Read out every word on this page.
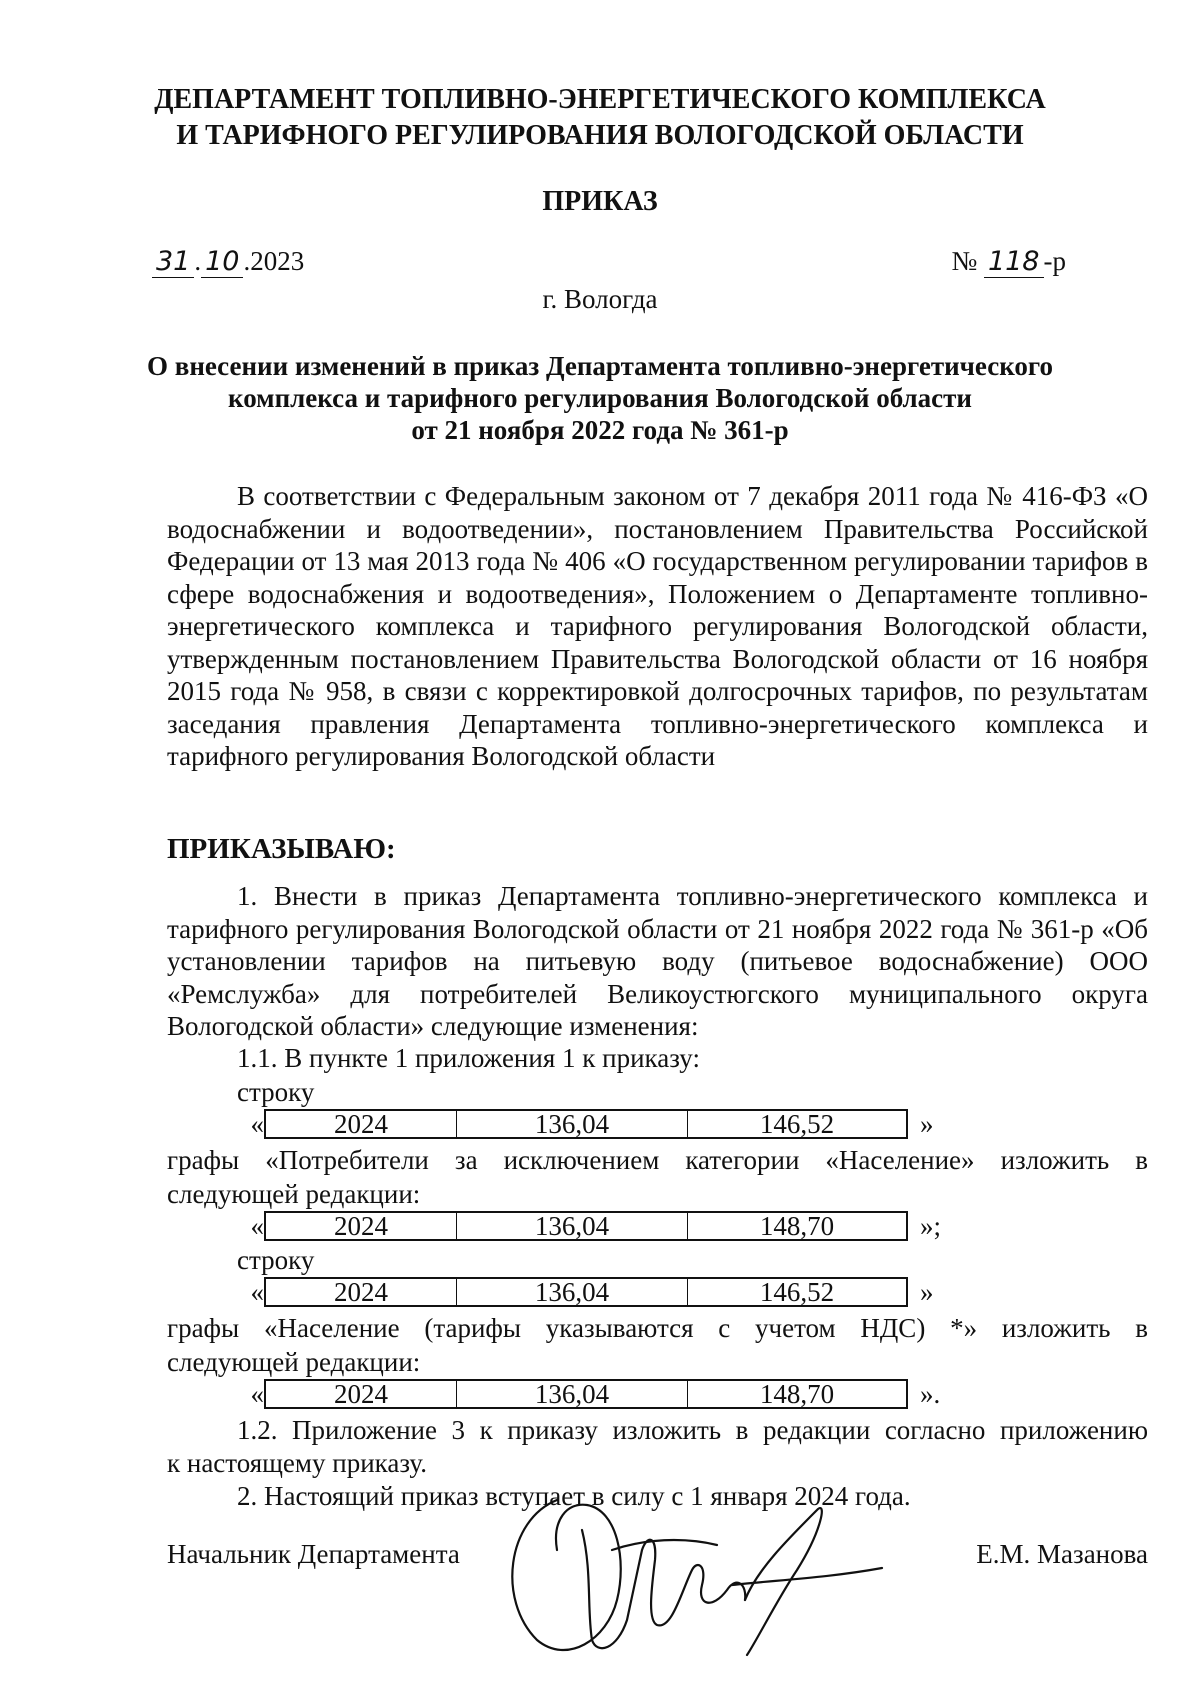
ДЕПАРТАМЕНТ ТОПЛИВНО-ЭНЕРГЕТИЧЕСКОГО КОМПЛЕКСА
И ТАРИФНОГО РЕГУЛИРОВАНИЯ ВОЛОГОДСКОЙ ОБЛАСТИ
ПРИКАЗ
31 . 10 .2023	№ 118 -р
г. Вологда
О внесении изменений в приказ Департамента топливно-энергетического
комплекса и тарифного регулирования Вологодской области
от 21 ноября 2022 года № 361-р
В соответствии с Федеральным законом от 7 декабря 2011 года № 416-ФЗ «О водоснабжении и водоотведении», постановлением Правительства Российской Федерации от 13 мая 2013 года № 406 «О государственном регулировании тарифов в сфере водоснабжения и водоотведения», Положением о Департаменте топливно-энергетического комплекса и тарифного регулирования Вологодской области, утвержденным постановлением Правительства Вологодской области от 16 ноября 2015 года № 958, в связи с корректировкой долгосрочных тарифов, по результатам заседания правления Департамента топливно-энергетического комплекса и тарифного регулирования Вологодской области
ПРИКАЗЫВАЮ:
1. Внести в приказ Департамента топливно-энергетического комплекса и тарифного регулирования Вологодской области от 21 ноября 2022 года № 361-р «Об установлении тарифов на питьевую воду (питьевое водоснабжение) ООО «Ремслужба» для потребителей Великоустюгского муниципального округа Вологодской области» следующие изменения:
1.1. В пункте 1 приложения 1 к приказу:
строку
«	2024	136,04	146,52	»
графы «Потребители за исключением категории «Население» изложить в
следующей редакции:
«	2024	136,04	148,70	»;
строку
«	2024	136,04	146,52	»
графы «Население (тарифы указываются с учетом НДС) *» изложить в
следующей редакции:
«	2024	136,04	148,70	».
1.2. Приложение 3 к приказу изложить в редакции согласно приложению
к настоящему приказу.
2. Настоящий приказ вступает в силу с 1 января 2024 года.
Начальник Департамента	Е.М. Мазанова
